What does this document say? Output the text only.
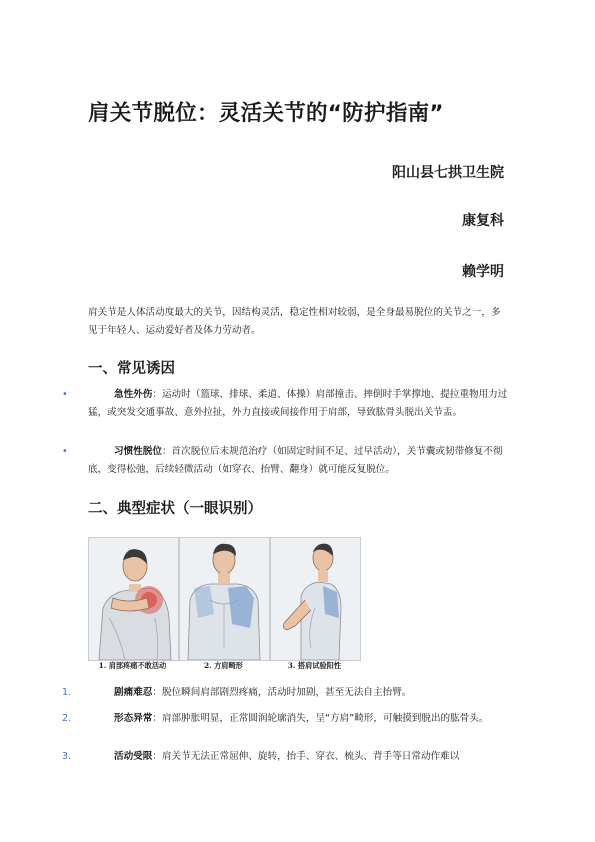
肩关节脱位：灵活关节的“防护指南”
阳山县七拱卫生院
康复科
赖学明

肩关节是人体活动度最大的关节，因结构灵活，稳定性相对较弱，是全身最易脱位的关节之一，多见于年轻人、运动爱好者及体力劳动者。

一、常见诱因

•	急性外伤：运动时（篮球、排球、柔道、体操）肩部撞击、摔倒时手掌撑地、提拉重物用力过猛，或突发交通事故、意外拉扯，外力直接或间接作用于肩部，导致肱骨头脱出关节盂。

•	习惯性脱位：首次脱位后未规范治疗（如固定时间不足、过早活动），关节囊或韧带修复不彻底，变得松弛，后续轻微活动（如穿衣、抬臂、翻身）就可能反复脱位。

二、典型症状（一眼识别）
1. 肩部疼痛不敢活动	2. 方肩畸形	3. 搭肩试验阳性

1.	剧痛难忍：脱位瞬间肩部剧烈疼痛，活动时加剧，甚至无法自主抬臂。

2.	形态异常：肩部肿胀明显，正常圆润轮廓消失，呈“方肩”畸形，可触摸到脱出的肱骨头。

3.	活动受限：肩关节无法正常屈伸、旋转，抬手、穿衣、梳头、背手等日常动作难以
